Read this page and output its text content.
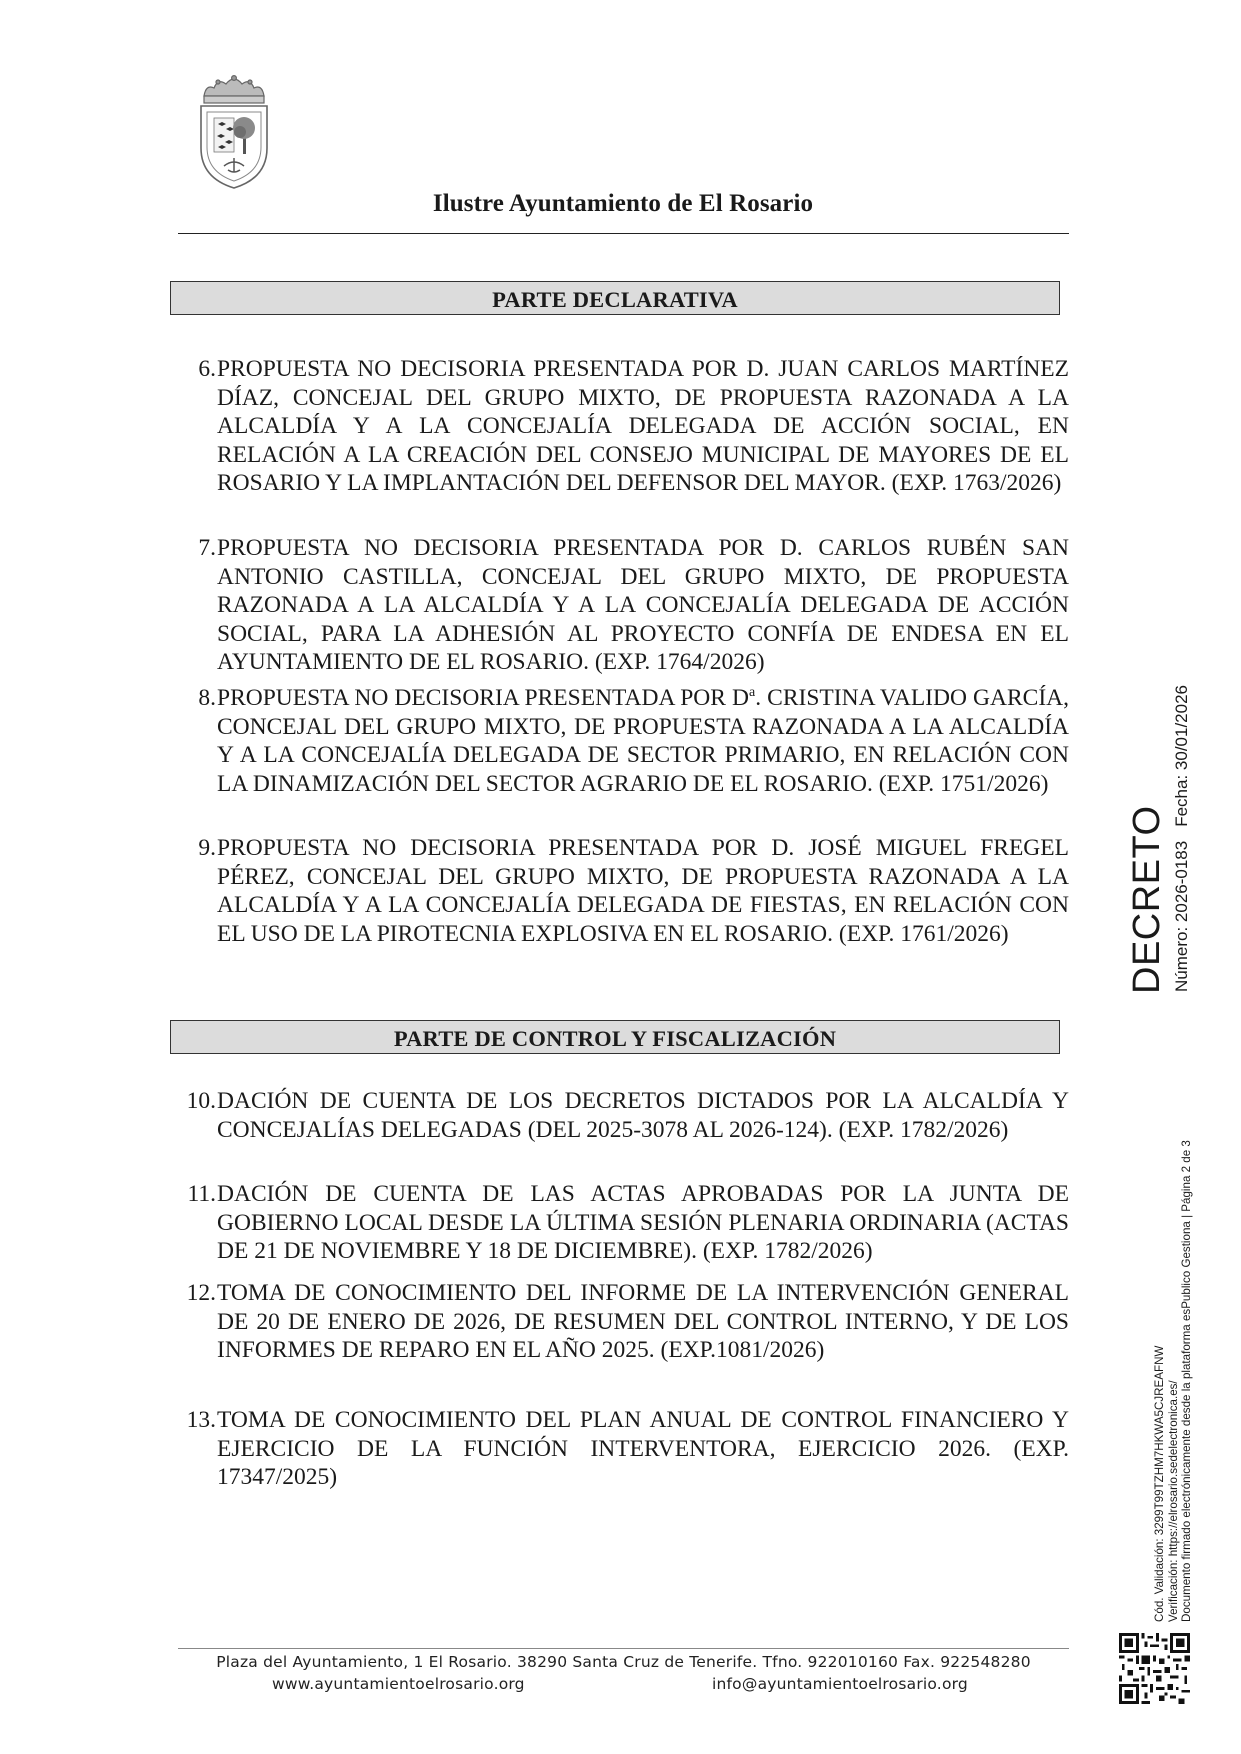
Ilustre Ayuntamiento de El Rosario
PARTE DECLARATIVA
6. PROPUESTA NO DECISORIA PRESENTADA POR D. JUAN CARLOS MARTÍNEZ DÍAZ, CONCEJAL DEL GRUPO MIXTO, DE PROPUESTA RAZONADA A LA ALCALDÍA Y A LA CONCEJALÍA DELEGADA DE ACCIÓN SOCIAL, EN RELACIÓN A LA CREACIÓN DEL CONSEJO MUNICIPAL DE MAYORES DE EL ROSARIO Y LA IMPLANTACIÓN DEL DEFENSOR DEL MAYOR. (EXP. 1763/2026)
7. PROPUESTA NO DECISORIA PRESENTADA POR D. CARLOS RUBÉN SAN ANTONIO CASTILLA, CONCEJAL DEL GRUPO MIXTO, DE PROPUESTA RAZONADA A LA ALCALDÍA Y A LA CONCEJALÍA DELEGADA DE ACCIÓN SOCIAL, PARA LA ADHESIÓN AL PROYECTO CONFÍA DE ENDESA EN EL AYUNTAMIENTO DE EL ROSARIO. (EXP. 1764/2026)
8. PROPUESTA NO DECISORIA PRESENTADA POR $D^a$. CRISTINA VALIDO GARCÍA, CONCEJAL DEL GRUPO MIXTO, DE PROPUESTA RAZONADA A LA ALCALDÍA Y A LA CONCEJALÍA DELEGADA DE SECTOR PRIMARIO, EN RELACIÓN CON LA DINAMIZACIÓN DEL SECTOR AGRARIO DE EL ROSARIO. (EXP. 1751/2026)
9. PROPUESTA NO DECISORIA PRESENTADA POR D. JOSÉ MIGUEL FREGEL PÉREZ, CONCEJAL DEL GRUPO MIXTO, DE PROPUESTA RAZONADA A LA ALCALDÍA Y A LA CONCEJALÍA DELEGADA DE FIESTAS, EN RELACIÓN CON EL USO DE LA PIROTECNIA EXPLOSIVA EN EL ROSARIO. (EXP. 1761/2026)
PARTE DE CONTROL Y FISCALIZACIÓN
10. DACIÓN DE CUENTA DE LOS DECRETOS DICTADOS POR LA ALCALDÍA Y CONCEJALÍAS DELEGADAS (DEL 2025-3078 AL 2026-124). (EXP. 1782/2026)
11. DACIÓN DE CUENTA DE LAS ACTAS APROBADAS POR LA JUNTA DE GOBIERNO LOCAL DESDE LA ÚLTIMA SESIÓN PLENARIA ORDINARIA (ACTAS DE 21 DE NOVIEMBRE Y 18 DE DICIEMBRE). (EXP. 1782/2026)
12. TOMA DE CONOCIMIENTO DEL INFORME DE LA INTERVENCIÓN GENERAL DE 20 DE ENERO DE 2026, DE RESUMEN DEL CONTROL INTERNO, Y DE LOS INFORMES DE REPARO EN EL AÑO 2025. (EXP.1081/2026)
13. TOMA DE CONOCIMIENTO DEL PLAN ANUAL DE CONTROL FINANCIERO Y EJERCICIO DE LA FUNCIÓN INTERVENTORA, EJERCICIO 2026. (EXP. 17347/2025)
DECRETO Número: 2026-0183Fecha: 30/01/2026
Cód. Validación: 3299T99TZHM7HKWA5CJREAFNW Verificación: https://elrosario.sedelectronica.es/ Documento firmado electrónicamente desde la plataforma esPublico Gestiona | Página 2 de 3
Plaza del Ayuntamiento, 1 El Rosario. 38290 Santa Cruz de Tenerife. Tfno. 922010160 Fax. 922548280
www.ayuntamientoelrosario.org	info@ayuntamientoelrosario.org
